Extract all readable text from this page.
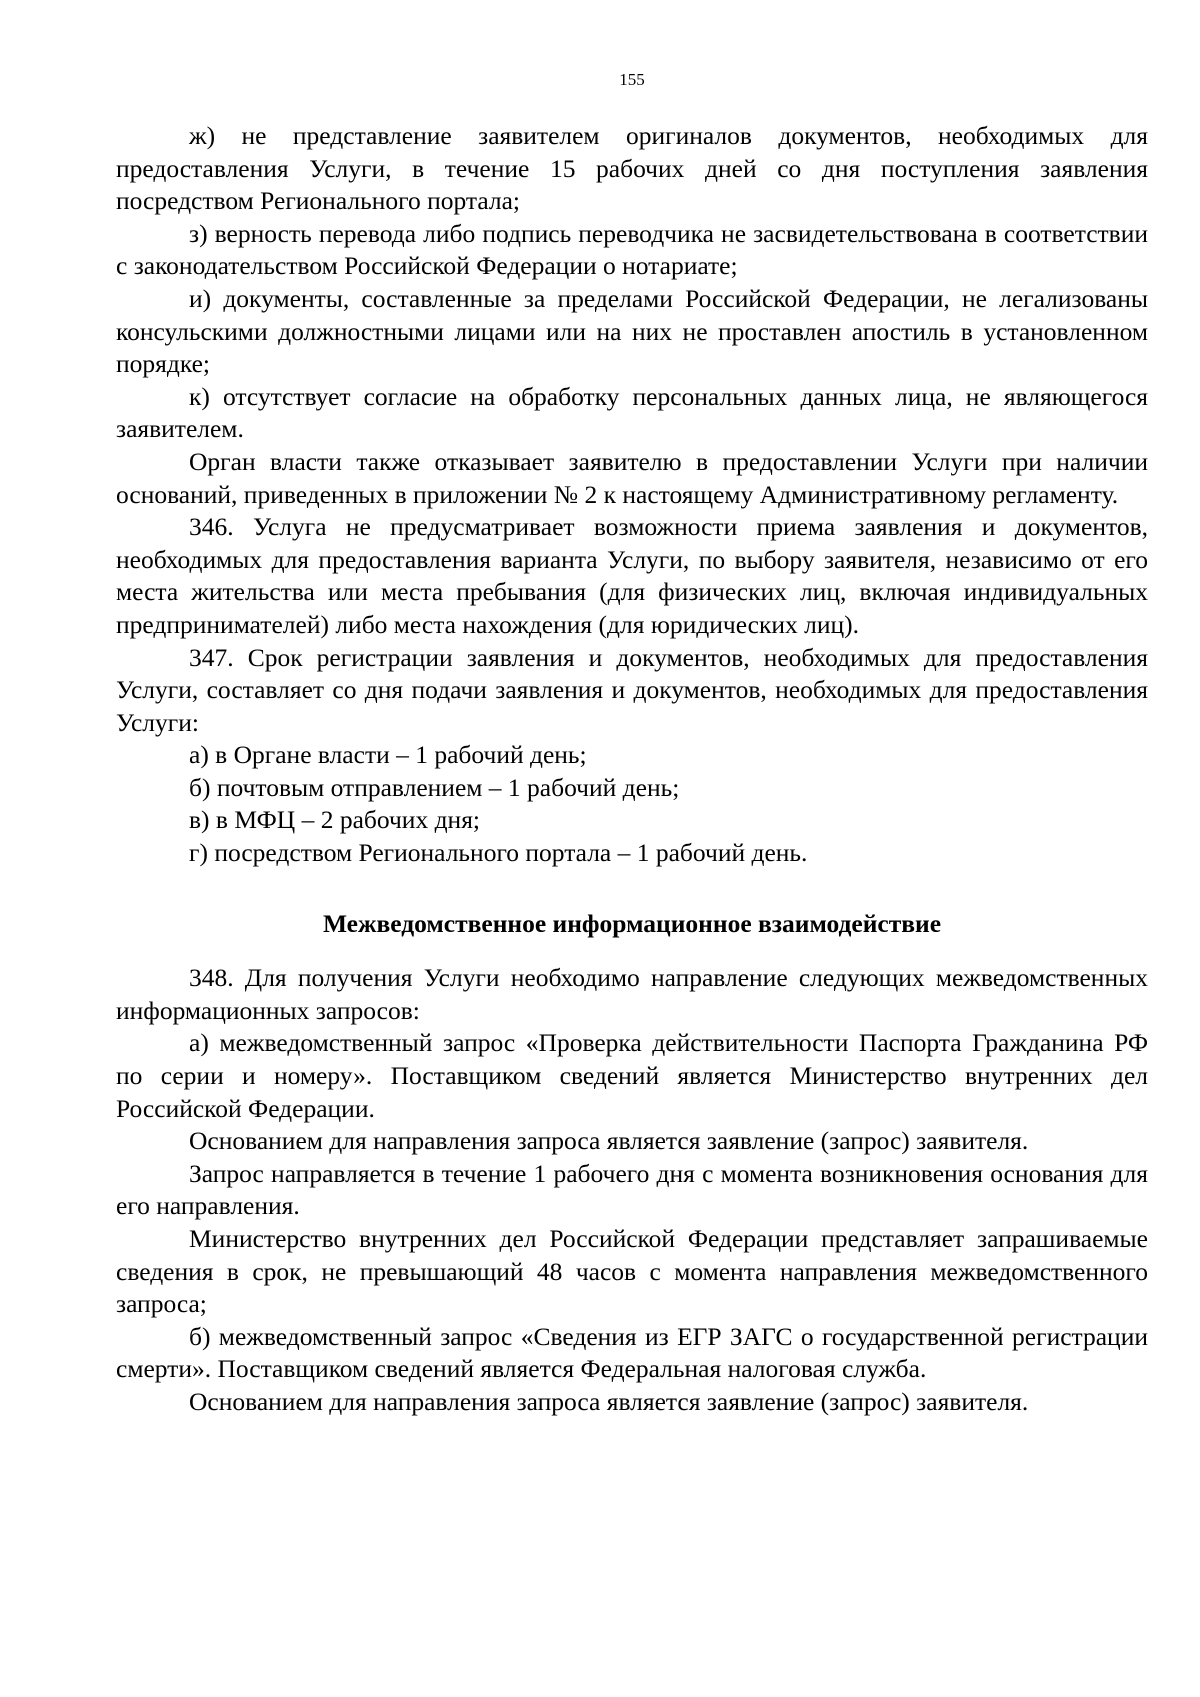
155

ж) не представление заявителем оригиналов документов, необходимых для предоставления Услуги, в течение 15 рабочих дней со дня поступления заявления посредством Регионального портала;

з) верность перевода либо подпись переводчика не засвидетельствована в соответствии с законодательством Российской Федерации о нотариате;

и) документы, составленные за пределами Российской Федерации, не легализованы консульскими должностными лицами или на них не проставлен апостиль в установленном порядке;

к) отсутствует согласие на обработку персональных данных лица, не являющегося заявителем.

Орган власти также отказывает заявителю в предоставлении Услуги при наличии оснований, приведенных в приложении № 2 к настоящему Административному регламенту.

346. Услуга не предусматривает возможности приема заявления и документов, необходимых для предоставления варианта Услуги, по выбору заявителя, независимо от его места жительства или места пребывания (для физических лиц, включая индивидуальных предпринимателей) либо места нахождения (для юридических лиц).

347. Срок регистрации заявления и документов, необходимых для предоставления Услуги, составляет со дня подачи заявления и документов, необходимых для предоставления Услуги:

а) в Органе власти – 1 рабочий день;

б) почтовым отправлением – 1 рабочий день;

в) в МФЦ – 2 рабочих дня;

г) посредством Регионального портала – 1 рабочий день.

Межведомственное информационное взаимодействие

348. Для получения Услуги необходимо направление следующих межведомственных информационных запросов:

а) межведомственный запрос «Проверка действительности Паспорта Гражданина РФ по серии и номеру». Поставщиком сведений является Министерство внутренних дел Российской Федерации.

Основанием для направления запроса является заявление (запрос) заявителя.

Запрос направляется в течение 1 рабочего дня с момента возникновения основания для его направления.

Министерство внутренних дел Российской Федерации представляет запрашиваемые сведения в срок, не превышающий 48 часов с момента направления межведомственного запроса;

б) межведомственный запрос «Сведения из ЕГР ЗАГС о государственной регистрации смерти». Поставщиком сведений является Федеральная налоговая служба.

Основанием для направления запроса является заявление (запрос) заявителя.
